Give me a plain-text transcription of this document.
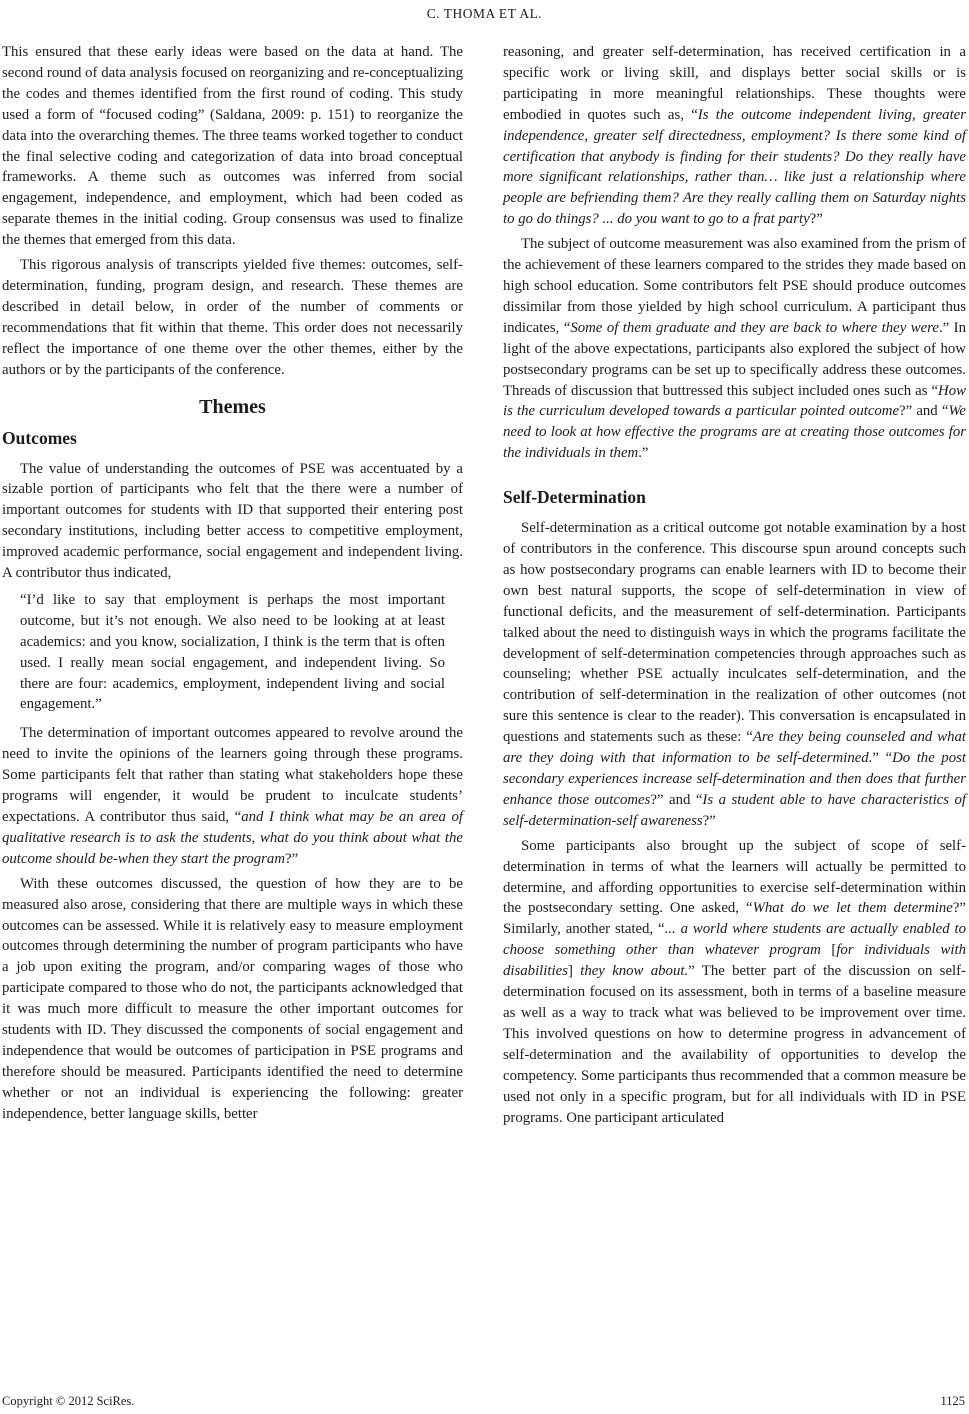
C. THOMA ET AL.

This ensured that these early ideas were based on the data at hand. The second round of data analysis focused on reorganizing and re-conceptualizing the codes and themes identified from the first round of coding. This study used a form of “focused coding” (Saldana, 2009: p. 151) to reorganize the data into the overarching themes. The three teams worked together to conduct the final selective coding and categorization of data into broad conceptual frameworks. A theme such as outcomes was inferred from social engagement, independence, and employment, which had been coded as separate themes in the initial coding. Group consensus was used to finalize the themes that emerged from this data.

This rigorous analysis of transcripts yielded five themes: outcomes, self-determination, funding, program design, and research. These themes are described in detail below, in order of the number of comments or recommendations that fit within that theme. This order does not necessarily reflect the importance of one theme over the other themes, either by the authors or by the participants of the conference.

Themes
Outcomes

The value of understanding the outcomes of PSE was accentuated by a sizable portion of participants who felt that the there were a number of important outcomes for students with ID that supported their entering post secondary institutions, including better access to competitive employment, improved academic performance, social engagement and independent living. A contributor thus indicated,

“I’d like to say that employment is perhaps the most important outcome, but it’s not enough. We also need to be looking at at least academics: and you know, socialization, I think is the term that is often used. I really mean social engagement, and independent living. So there are four: academics, employment, independent living and social engagement.”

The determination of important outcomes appeared to revolve around the need to invite the opinions of the learners going through these programs. Some participants felt that rather than stating what stakeholders hope these programs will engender, it would be prudent to inculcate students’ expectations. A contributor thus said, “and I think what may be an area of qualitative research is to ask the students, what do you think about what the outcome should be-when they start the program?”

With these outcomes discussed, the question of how they are to be measured also arose, considering that there are multiple ways in which these outcomes can be assessed. While it is relatively easy to measure employment outcomes through determining the number of program participants who have a job upon exiting the program, and/or comparing wages of those who participate compared to those who do not, the participants acknowledged that it was much more difficult to measure the other important outcomes for students with ID. They discussed the components of social engagement and independence that would be outcomes of participation in PSE programs and therefore should be measured. Participants identified the need to determine whether or not an individual is experiencing the following: greater independence, better language skills, better

reasoning, and greater self-determination, has received certification in a specific work or living skill, and displays better social skills or is participating in more meaningful relationships. These thoughts were embodied in quotes such as, “Is the outcome independent living, greater independence, greater self directedness, employment? Is there some kind of certification that anybody is finding for their students? Do they really have more significant relationships, rather than… like just a relationship where people are befriending them? Are they really calling them on Saturday nights to go do things? ... do you want to go to a frat party?”

The subject of outcome measurement was also examined from the prism of the achievement of these learners compared to the strides they made based on high school education. Some contributors felt PSE should produce outcomes dissimilar from those yielded by high school curriculum. A participant thus indicates, “Some of them graduate and they are back to where they were.” In light of the above expectations, participants also explored the subject of how postsecondary programs can be set up to specifically address these outcomes. Threads of discussion that buttressed this subject included ones such as “How is the curriculum developed towards a particular pointed outcome?” and “We need to look at how effective the programs are at creating those outcomes for the individuals in them.”

Self-Determination

Self-determination as a critical outcome got notable examination by a host of contributors in the conference. This discourse spun around concepts such as how postsecondary programs can enable learners with ID to become their own best natural supports, the scope of self-determination in view of functional deficits, and the measurement of self-determination. Participants talked about the need to distinguish ways in which the programs facilitate the development of self-determination competencies through approaches such as counseling; whether PSE actually inculcates self-determination, and the contribution of self-determination in the realization of other outcomes (not sure this sentence is clear to the reader). This conversation is encapsulated in questions and statements such as these: “Are they being counseled and what are they doing with that information to be self-determined.” “Do the post secondary experiences increase self-determination and then does that further enhance those outcomes?” and “Is a student able to have characteristics of self-determination-self awareness?”

Some participants also brought up the subject of scope of self-determination in terms of what the learners will actually be permitted to determine, and affording opportunities to exercise self-determination within the postsecondary setting. One asked, “What do we let them determine?” Similarly, another stated, “... a world where students are actually enabled to choose something other than whatever program [for individuals with disabilities] they know about.” The better part of the discussion on self-determination focused on its assessment, both in terms of a baseline measure as well as a way to track what was believed to be improvement over time. This involved questions on how to determine progress in advancement of self-determination and the availability of opportunities to develop the competency. Some participants thus recommended that a common measure be used not only in a specific program, but for all individuals with ID in PSE programs. One participant articulated

Copyright © 2012 SciRes.	1125
